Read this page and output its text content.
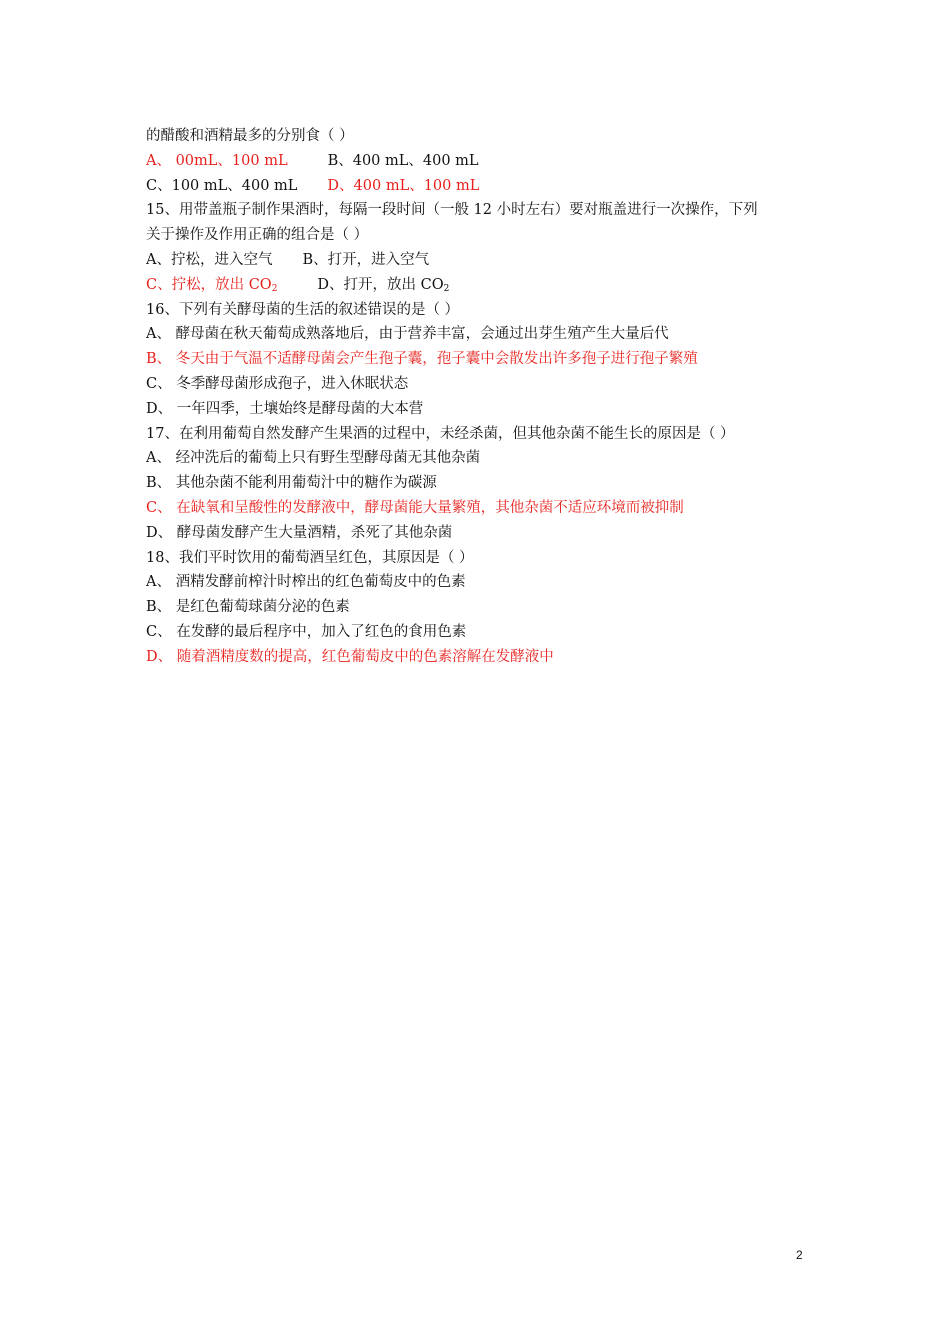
的醋酸和酒精最多的分别食（ ）
A、 00mL、100 mL	B、400 mL、400 mL
C、100 mL、400 mL D、400 mL、100 mL
15、用带盖瓶子制作果酒时，每隔一段时间（一般 12 小时左右）要对瓶盖进行一次操作，下列
关于操作及作用正确的组合是（ ）
A、拧松，进入空气 B、打开，进入空气
C、拧松，放出 $CO_2$	D、打开，放出 $CO_2$
16、下列有关酵母菌的生活的叙述错误的是（ ）
A、 酵母菌在秋天葡萄成熟落地后，由于营养丰富，会通过出芽生殖产生大量后代
B、 冬天由于气温不适酵母菌会产生孢子囊，孢子囊中会散发出许多孢子进行孢子繁殖
C、 冬季酵母菌形成孢子，进入休眠状态
D、 一年四季，土壤始终是酵母菌的大本营
17、在利用葡萄自然发酵产生果酒的过程中，未经杀菌，但其他杂菌不能生长的原因是（ ）
A、 经冲洗后的葡萄上只有野生型酵母菌无其他杂菌
B、 其他杂菌不能利用葡萄汁中的糖作为碳源
C、 在缺氧和呈酸性的发酵液中，酵母菌能大量繁殖，其他杂菌不适应环境而被抑制
D、 酵母菌发酵产生大量酒精，杀死了其他杂菌
18、我们平时饮用的葡萄酒呈红色，其原因是（ ）
A、 酒精发酵前榨汁时榨出的红色葡萄皮中的色素
B、 是红色葡萄球菌分泌的色素
C、 在发酵的最后程序中，加入了红色的食用色素
D、 随着酒精度数的提高，红色葡萄皮中的色素溶解在发酵液中
2
